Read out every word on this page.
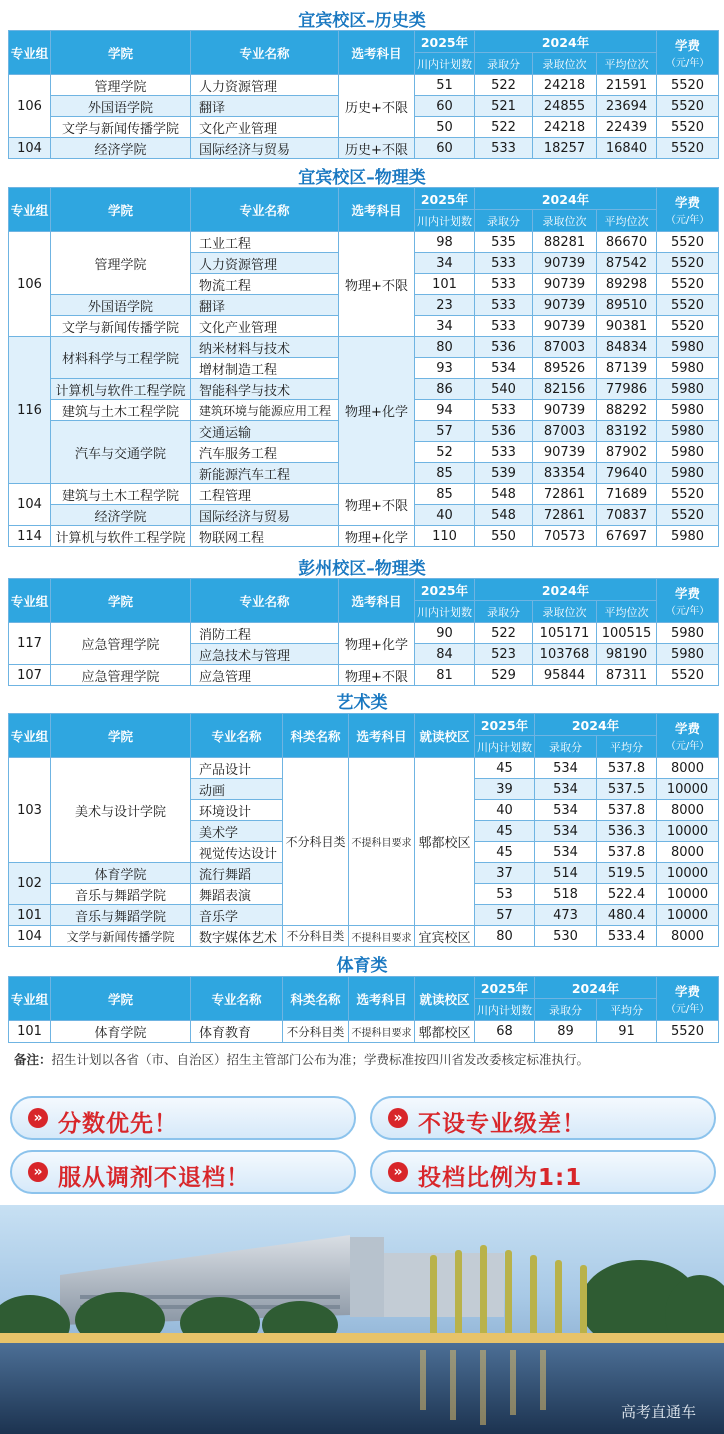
宜宾校区–历史类
专业组	学院	专业名称	选考科目	2025年	2024年			学费
（元/年）
				川内计划数	录取分	录取位次	平均位次	
106	管理学院	人力资源管理	历史+不限	51	522	24218	21591	5520
	外国语学院	翻译		60	521	24855	23694	5520
	文学与新闻传播学院	文化产业管理		50	522	24218	22439	5520
104	经济学院	国际经济与贸易	历史+不限	60	533	18257	16840	5520
宜宾校区–物理类
专业组	学院	专业名称	选考科目	2025年	2024年			学费
（元/年）
				川内计划数	录取分	录取位次	平均位次	
106	管理学院	工业工程	物理+不限	98	535	88281	86670	5520
		人力资源管理		34	533	90739	87542	5520
		物流工程		101	533	90739	89298	5520
	外国语学院	翻译		23	533	90739	89510	5520
	文学与新闻传播学院	文化产业管理		34	533	90739	90381	5520
116	材料科学与工程学院	纳米材料与技术	物理+化学	80	536	87003	84834	5980
		增材制造工程		93	534	89526	87139	5980
	计算机与软件工程学院	智能科学与技术		86	540	82156	77986	5980
	建筑与土木工程学院	建筑环境与能源应用工程		94	533	90739	88292	5980
	汽车与交通学院	交通运输		57	536	87003	83192	5980
		汽车服务工程		52	533	90739	87902	5980
		新能源汽车工程		85	539	83354	79640	5980
104	建筑与土木工程学院	工程管理	物理+不限	85	548	72861	71689	5520
	经济学院	国际经济与贸易		40	548	72861	70837	5520
114	计算机与软件工程学院	物联网工程	物理+化学	110	550	70573	67697	5980
彭州校区–物理类
专业组	学院	专业名称	选考科目	2025年	2024年			学费
（元/年）
				川内计划数	录取分	录取位次	平均位次	
117	应急管理学院	消防工程	物理+化学	90	522	105171	100515	5980
		应急技术与管理		84	523	103768	98190	5980
107	应急管理学院	应急管理	物理+不限	81	529	95844	87311	5520
艺术类
专业组	学院	专业名称	科类名称	选考科目	就读校区	2025年	2024年		学费
（元/年）
						川内计划数	录取分	平均分	
103	美术与设计学院	产品设计	不分科目类	不提科目要求	郫都校区	45	534	537.8	8000
		动画				39	534	537.5	10000
		环境设计				40	534	537.8	8000
		美术学				45	534	536.3	10000
		视觉传达设计				45	534	537.8	8000
102	体育学院	流行舞蹈				37	514	519.5	10000
	音乐与舞蹈学院	舞蹈表演				53	518	522.4	10000
101	音乐与舞蹈学院	音乐学				57	473	480.4	10000
104	文学与新闻传播学院	数字媒体艺术	不分科目类	不提科目要求	宜宾校区	80	530	533.4	8000
体育类
专业组	学院	专业名称	科类名称	选考科目	就读校区	2025年	2024年		学费
（元/年）
						川内计划数	录取分	平均分	
101	体育学院	体育教育	不分科目类	不提科目要求	郫都校区	68	89	91	5520
备注：招生计划以各省（市、自治区）招生主管部门公布为准；学费标准按四川省发改委核定标准执行。
» 分数优先！	» 不设专业级差！
» 服从调剂不退档！	» 投档比例为1:1
高考直通车
